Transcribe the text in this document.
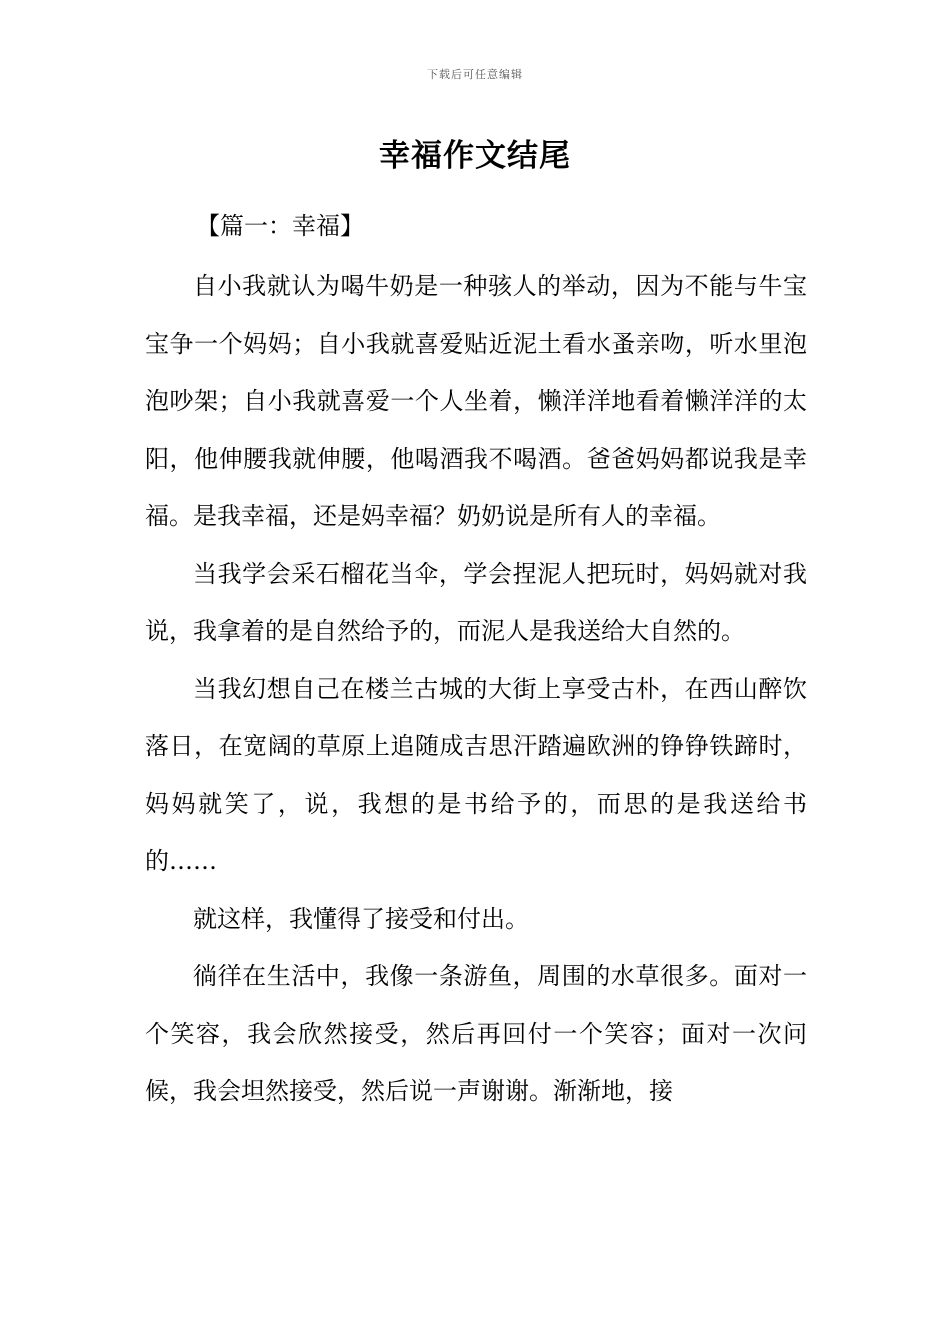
下载后可任意编辑
幸福作文结尾

【篇一：幸福】

自小我就认为喝牛奶是一种骇人的举动，因为不能与牛宝宝争一个妈妈；自小我就喜爱贴近泥土看水蚤亲吻，听水里泡泡吵架；自小我就喜爱一个人坐着，懒洋洋地看着懒洋洋的太阳，他伸腰我就伸腰，他喝酒我不喝酒。爸爸妈妈都说我是幸福。是我幸福，还是妈幸福？奶奶说是所有人的幸福。

当我学会采石榴花当伞，学会捏泥人把玩时，妈妈就对我说，我拿着的是自然给予的，而泥人是我送给大自然的。

当我幻想自己在楼兰古城的大街上享受古朴，在西山醉饮落日，在宽阔的草原上追随成吉思汗踏遍欧洲的铮铮铁蹄时，妈妈就笑了，说，我想的是书给予的，而思的是我送给书的……

就这样，我懂得了接受和付出。

徜徉在生活中，我像一条游鱼，周围的水草很多。面对一个笑容，我会欣然接受，然后再回付一个笑容；面对一次问候，我会坦然接受，然后说一声谢谢。渐渐地，接
